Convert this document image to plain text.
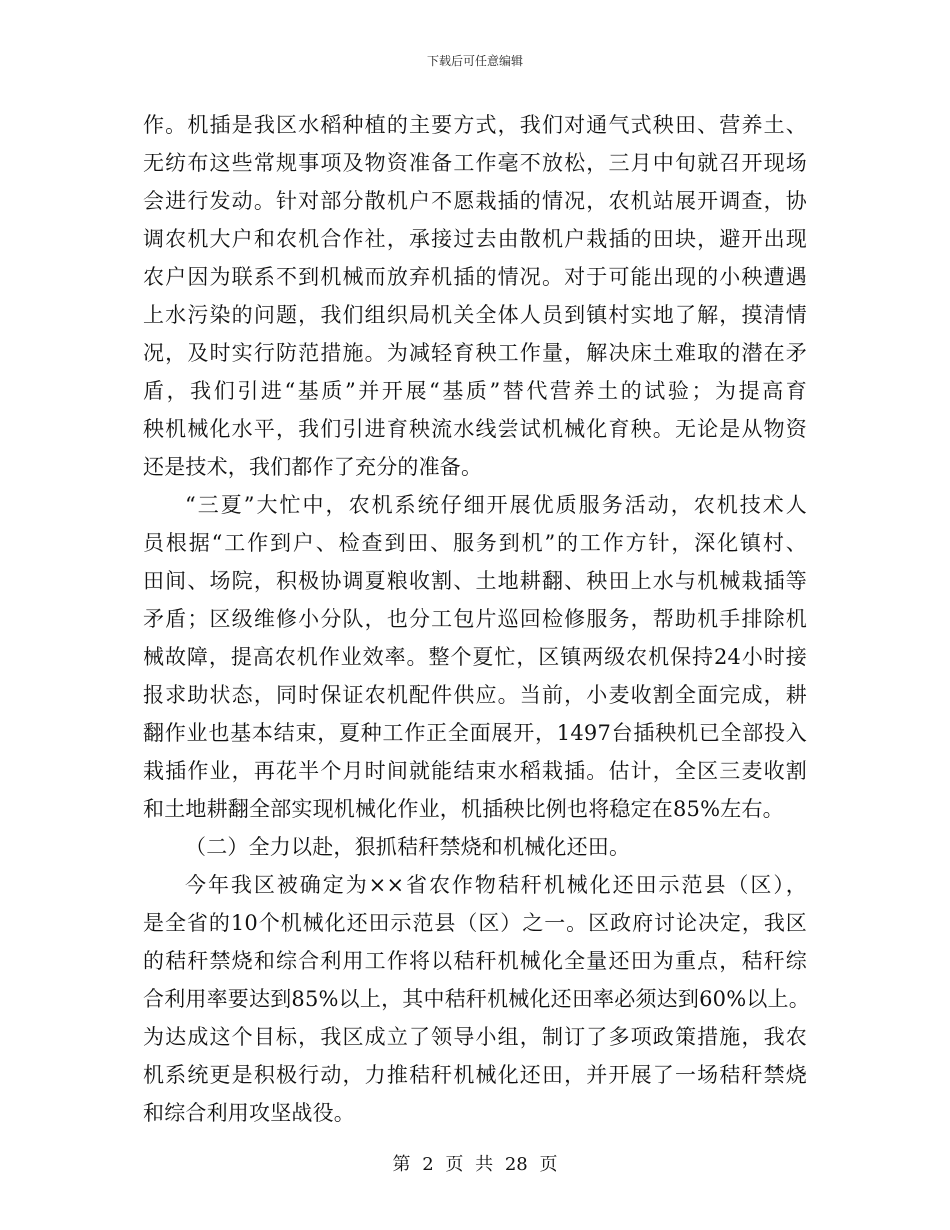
下载后可任意编辑
作。机插是我区水稻种植的主要方式，我们对通气式秧田、营养土、
无纺布这些常规事项及物资准备工作毫不放松，三月中旬就召开现场
会进行发动。针对部分散机户不愿栽插的情况，农机站展开调查，协
调农机大户和农机合作社，承接过去由散机户栽插的田块，避开出现
农户因为联系不到机械而放弃机插的情况。对于可能出现的小秧遭遇
上水污染的问题，我们组织局机关全体人员到镇村实地了解，摸清情
况，及时实行防范措施。为减轻育秧工作量，解决床土难取的潜在矛
盾，我们引进“基质”并开展“基质”替代营养土的试验；为提高育
秧机械化水平，我们引进育秧流水线尝试机械化育秧。无论是从物资
还是技术，我们都作了充分的准备。
“三夏”大忙中，农机系统仔细开展优质服务活动，农机技术人
员根据“工作到户、检查到田、服务到机”的工作方针，深化镇村、
田间、场院，积极协调夏粮收割、土地耕翻、秧田上水与机械栽插等
矛盾；区级维修小分队，也分工包片巡回检修服务，帮助机手排除机
械故障，提高农机作业效率。整个夏忙，区镇两级农机保持24小时接
报求助状态，同时保证农机配件供应。当前，小麦收割全面完成，耕
翻作业也基本结束，夏种工作正全面展开，1497台插秧机已全部投入
栽插作业，再花半个月时间就能结束水稻栽插。估计，全区三麦收割
和土地耕翻全部实现机械化作业，机插秧比例也将稳定在85%左右。
（二）全力以赴，狠抓秸秆禁烧和机械化还田。
今年我区被确定为××省农作物秸秆机械化还田示范县（区），
是全省的10个机械化还田示范县（区）之一。区政府讨论决定，我区
的秸秆禁烧和综合利用工作将以秸秆机械化全量还田为重点，秸秆综
合利用率要达到85%以上，其中秸秆机械化还田率必须达到60%以上。
为达成这个目标，我区成立了领导小组，制订了多项政策措施，我农
机系统更是积极行动，力推秸秆机械化还田，并开展了一场秸秆禁烧
和综合利用攻坚战役。
第 2 页 共 28 页
